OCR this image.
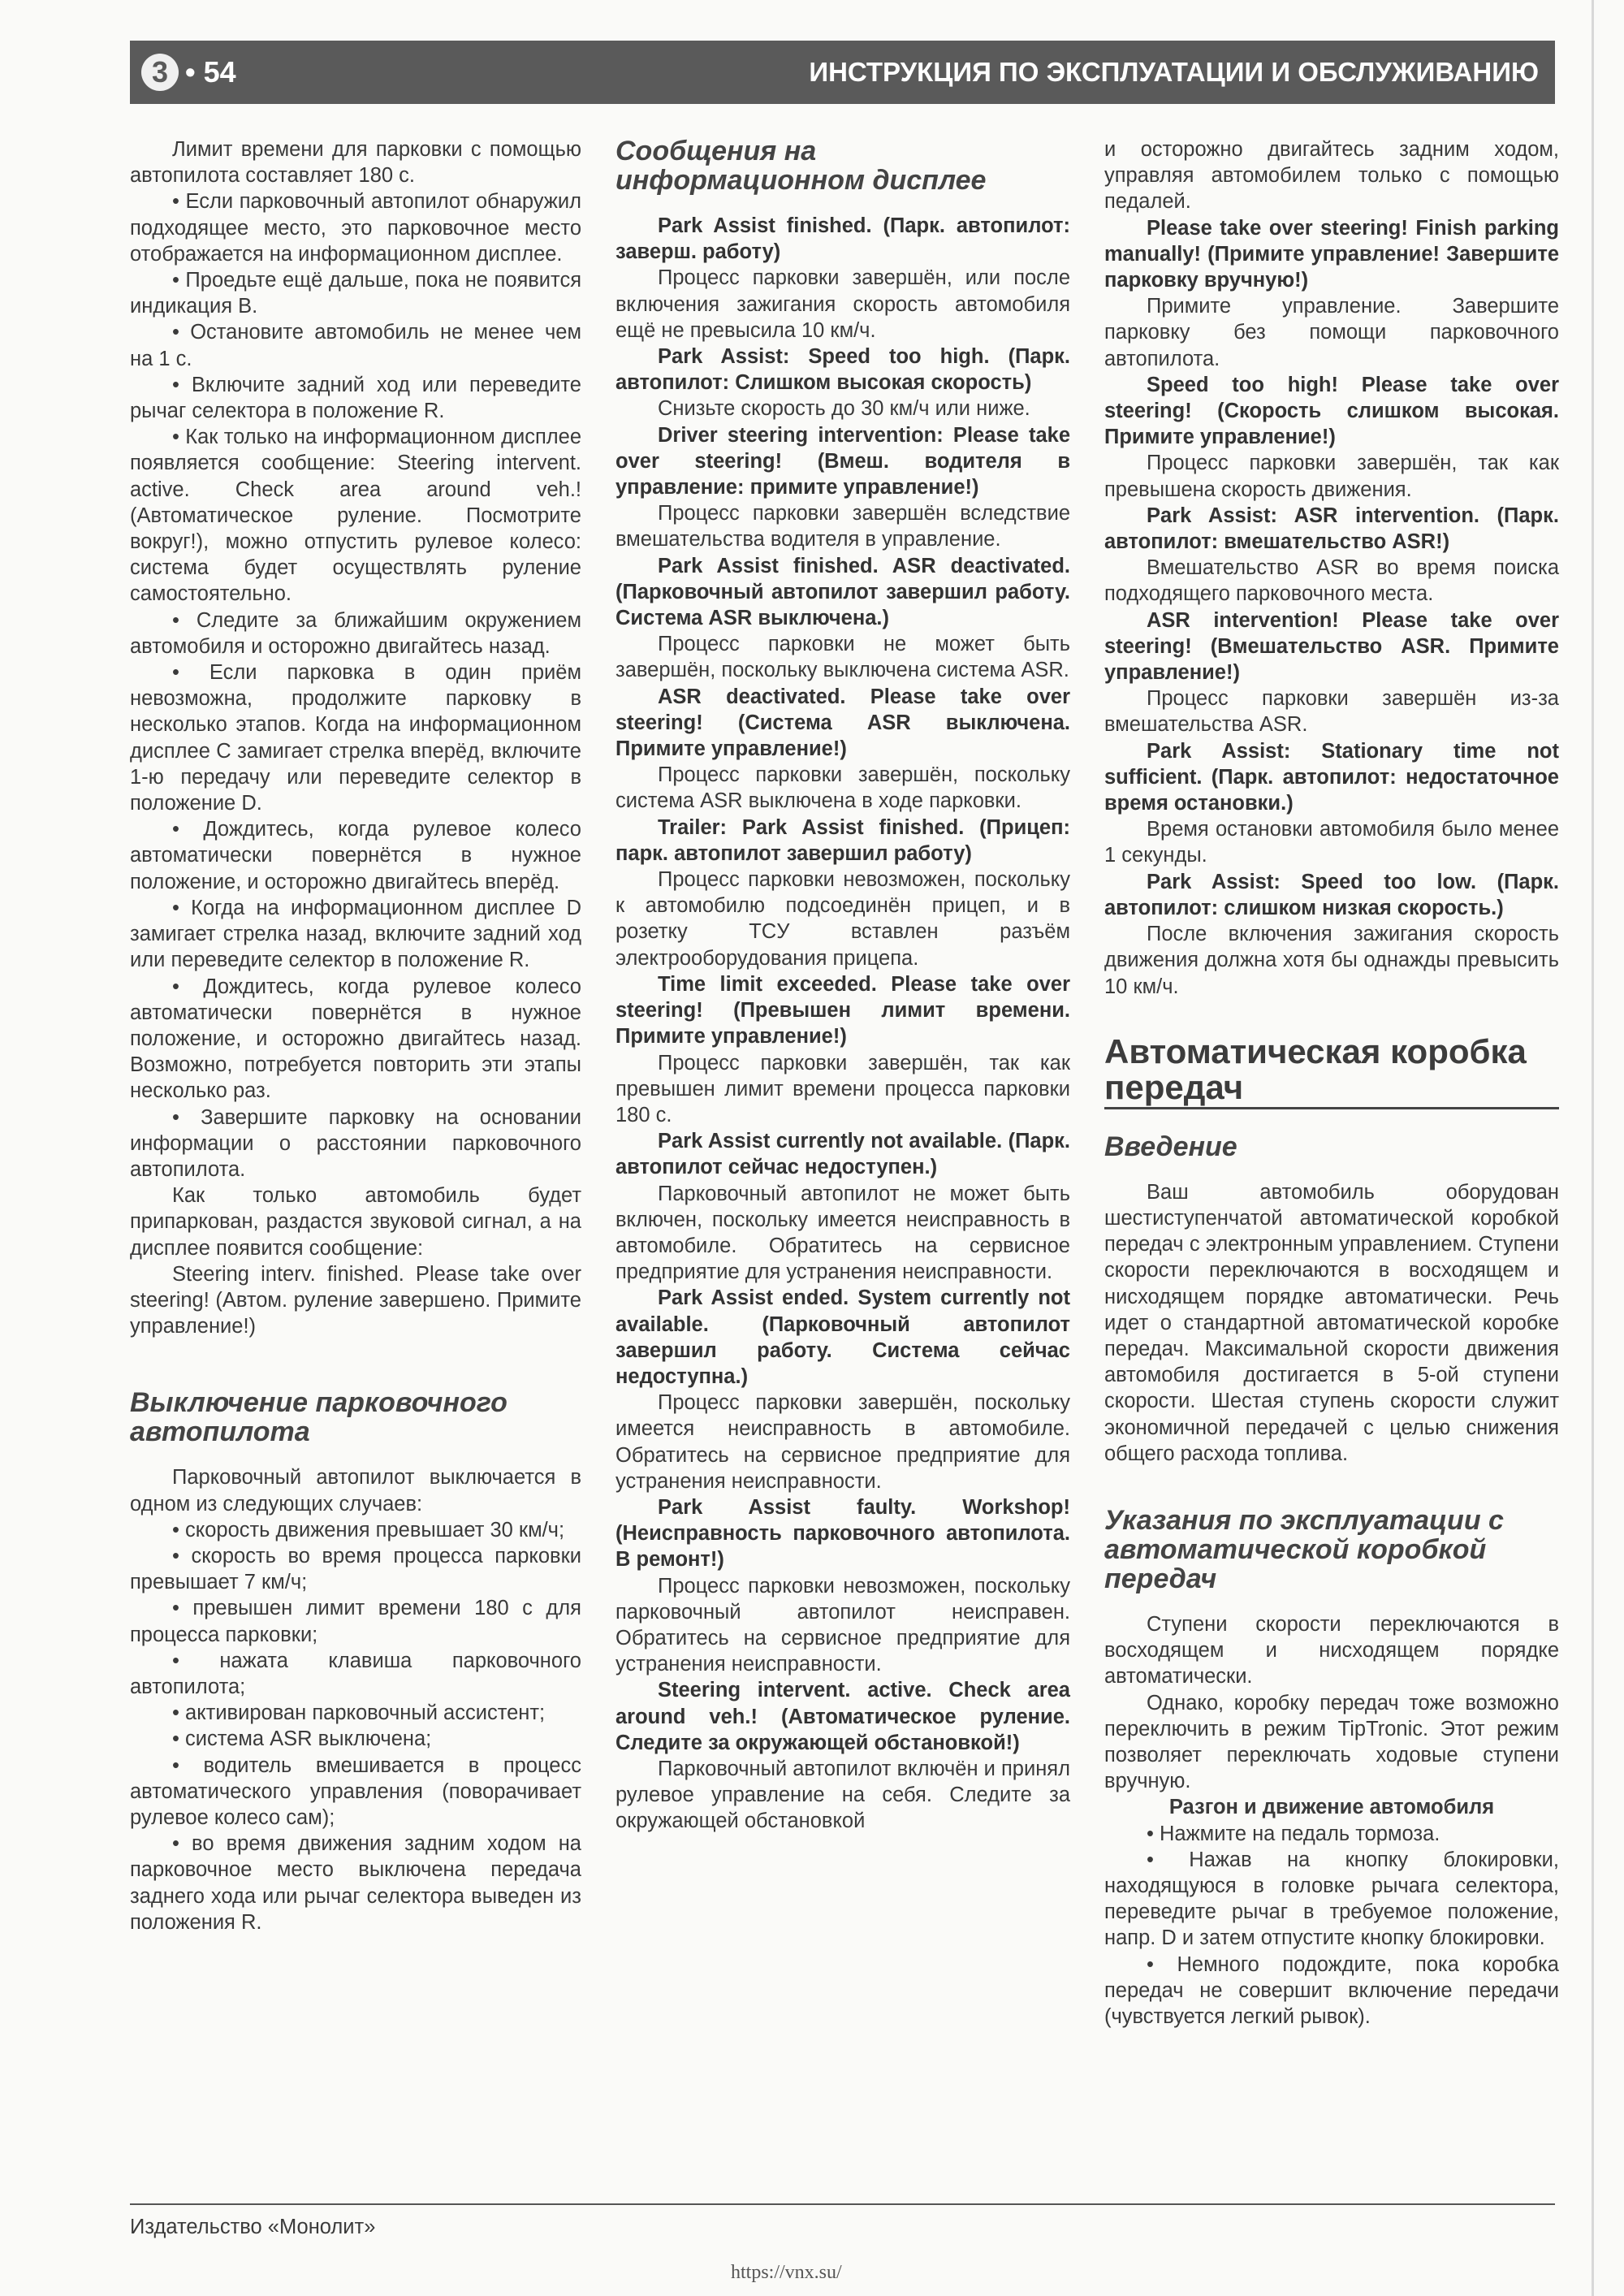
3 • 54	ИНСТРУКЦИЯ ПО ЭКСПЛУАТАЦИИ И ОБСЛУЖИВАНИЮ

Лимит времени для парковки с помощью автопилота составляет 180 с.

• Если парковочный автопилот обнаружил подходящее место, это парковочное место отображается на информационном дисплее.

• Проедьте ещё дальше, пока не появится индикация B.

• Остановите автомобиль не менее чем на 1 с.

• Включите задний ход или переведите рычаг селектора в положение R.

• Как только на информационном дисплее появляется сообщение: Steering intervent. active. Check area around veh.! (Автоматическое руление. Посмотрите вокруг!), можно отпустить рулевое колесо: система будет осуществлять руление самостоятельно.

• Следите за ближайшим окружением автомобиля и осторожно двигайтесь назад.

• Если парковка в один приём невозможна, продолжите парковку в несколько этапов. Когда на информационном дисплее C замигает стрелка вперёд, включите 1-ю передачу или переведите селектор в положение D.

• Дождитесь, когда рулевое колесо автоматически повернётся в нужное положение, и осторожно двигайтесь вперёд.

• Когда на информационном дисплее D замигает стрелка назад, включите задний ход или переведите селектор в положение R.

• Дождитесь, когда рулевое колесо автоматически повернётся в нужное положение, и осторожно двигайтесь назад. Возможно, потребуется повторить эти этапы несколько раз.

• Завершите парковку на основании информации о расстоянии парковочного автопилота.

Как только автомобиль будет припаркован, раздастся звуковой сигнал, а на дисплее появится сообщение:

Steering interv. finished. Please take over steering! (Автом. руление завершено. Примите управление!)

Выключение парковочного автопилота

Парковочный автопилот выключается в одном из следующих случаев:

• скорость движения превышает 30 км/ч;

• скорость во время процесса парковки превышает 7 км/ч;

• превышен лимит времени 180 с для процесса парковки;

• нажата клавиша парковочного автопилота;

• активирован парковочный ассистент;

• система ASR выключена;

• водитель вмешивается в процесс автоматического управления (поворачивает рулевое колесо сам);

• во время движения задним ходом на парковочное место выключена передача заднего хода или рычаг селектора выведен из положения R.

Сообщения на информационном дисплее

Park Assist finished. (Парк. автопилот: заверш. работу)

Процесс парковки завершён, или после включения зажигания скорость автомобиля ещё не превысила 10 км/ч.

Park Assist: Speed too high. (Парк. автопилот: Слишком высокая скорость)

Снизьте скорость до 30 км/ч или ниже.

Driver steering intervention: Please take over steering! (Вмеш. водителя в управление: примите управление!)

Процесс парковки завершён вследствие вмешательства водителя в управление.

Park Assist finished. ASR deactivated. (Парковочный автопилот завершил работу. Система ASR выключена.)

Процесс парковки не может быть завершён, поскольку выключена система ASR.

ASR deactivated. Please take over steering! (Система ASR выключена. Примите управление!)

Процесс парковки завершён, поскольку система ASR выключена в ходе парковки.

Trailer: Park Assist finished. (Прицеп: парк. автопилот завершил работу)

Процесс парковки невозможен, поскольку к автомобилю подсоединён прицеп, и в розетку TCУ вставлен разъём электрооборудования прицепа.

Time limit exceeded. Please take over steering! (Превышен лимит времени. Примите управление!)

Процесс парковки завершён, так как превышен лимит времени процесса парковки 180 с.

Park Assist currently not available. (Парк. автопилот сейчас недоступен.)

Парковочный автопилот не может быть включен, поскольку имеется неисправность в автомобиле. Обратитесь на сервисное предприятие для устранения неисправности.

Park Assist ended. System currently not available. (Парковочный автопилот завершил работу. Система сейчас недоступна.)

Процесс парковки завершён, поскольку имеется неисправность в автомобиле. Обратитесь на сервисное предприятие для устранения неисправности.

Park Assist faulty. Workshop! (Неисправность парковочного автопилота. В ремонт!)

Процесс парковки невозможен, поскольку парковочный автопилот неисправен. Обратитесь на сервисное предприятие для устранения неисправности.

Steering intervent. active. Check area around veh.! (Автоматическое руление. Следите за окружающей обстановкой!)

Парковочный автопилот включён и принял рулевое управление на себя. Следите за окружающей обстановкой

и осторожно двигайтесь задним ходом, управляя автомобилем только с помощью педалей.

Please take over steering! Finish parking manually! (Примите управление! Завершите парковку вручную!)

Примите управление. Завершите парковку без помощи парковочного автопилота.

Speed too high! Please take over steering! (Скорость слишком высокая. Примите управление!)

Процесс парковки завершён, так как превышена скорость движения.

Park Assist: ASR intervention. (Парк. автопилот: вмешательство ASR!)

Вмешательство ASR во время поиска подходящего парковочного места.

ASR intervention! Please take over steering! (Вмешательство ASR. Примите управление!)

Процесс парковки завершён из-за вмешательства ASR.

Park Assist: Stationary time not sufficient. (Парк. автопилот: недостаточное время остановки.)

Время остановки автомобиля было менее 1 секунды.

Park Assist: Speed too low. (Парк. автопилот: слишком низкая скорость.)

После включения зажигания скорость движения должна хотя бы однажды превысить 10 км/ч.

Автоматическая коробка передач
Введение

Ваш автомобиль оборудован шестиступенчатой автоматической коробкой передач с электронным управлением. Ступени скорости переключаются в восходящем и нисходящем порядке автоматически. Речь идет о стандартной автоматической коробке передач. Максимальной скорости движения автомобиля достигается в 5-ой ступени скорости. Шестая ступень скорости служит экономичной передачей с целью снижения общего расхода топлива.

Указания по эксплуатации с автоматической коробкой передач

Ступени скорости переключаются в восходящем и нисходящем порядке автоматически.

Однако, коробку передач тоже возможно переключить в режим TipTronic. Этот режим позволяет переключать ходовые ступени вручную.

Разгон и движение автомобиля

• Нажмите на педаль тормоза.

• Нажав на кнопку блокировки, находящуюся в головке рычага селектора, переведите рычаг в требуемое положение, напр. D и затем отпустите кнопку блокировки.

• Немного подождите, пока коробка передач не совершит включение передачи (чувствуется легкий рывок).

Издательство «Монолит»
https://vnx.su/
